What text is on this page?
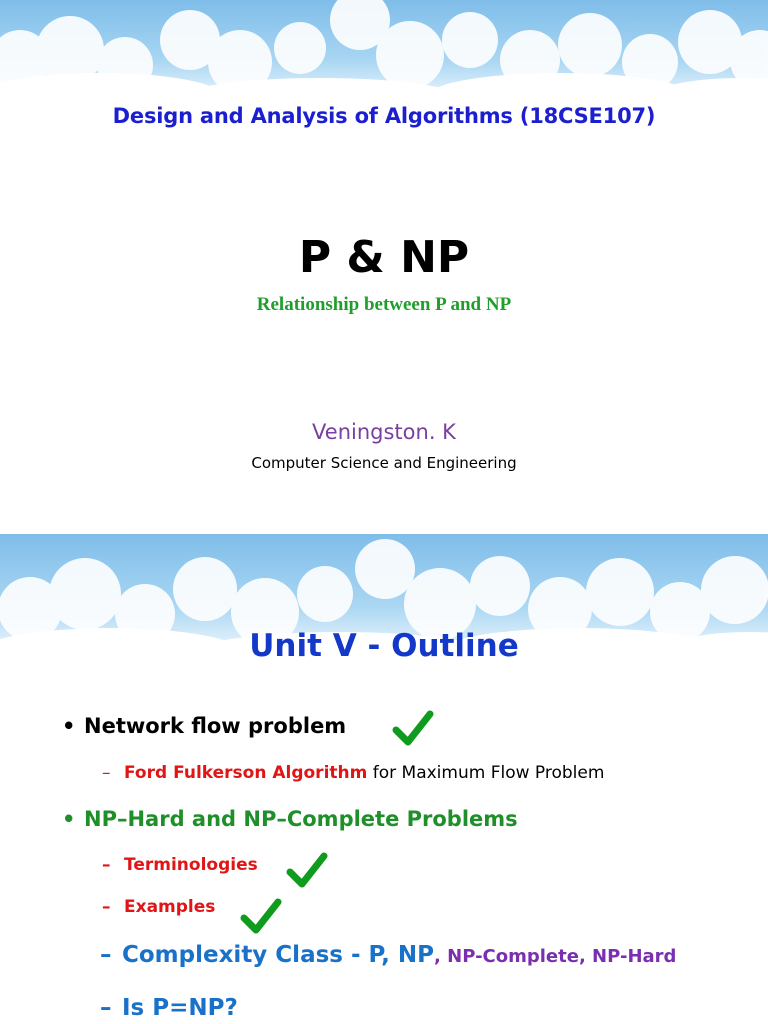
Design and Analysis of Algorithms (18CSE107)
P & NP
Relationship between P and NP
Veningston. K
Computer Science and Engineering
Unit V - Outline
• Network flow problem
– Ford Fulkerson Algorithm for Maximum Flow Problem
• NP–Hard and NP–Complete Problems
– Terminologies
– Examples
– Complexity Class - P, NP, NP-Complete, NP-Hard
– Is P=NP?
